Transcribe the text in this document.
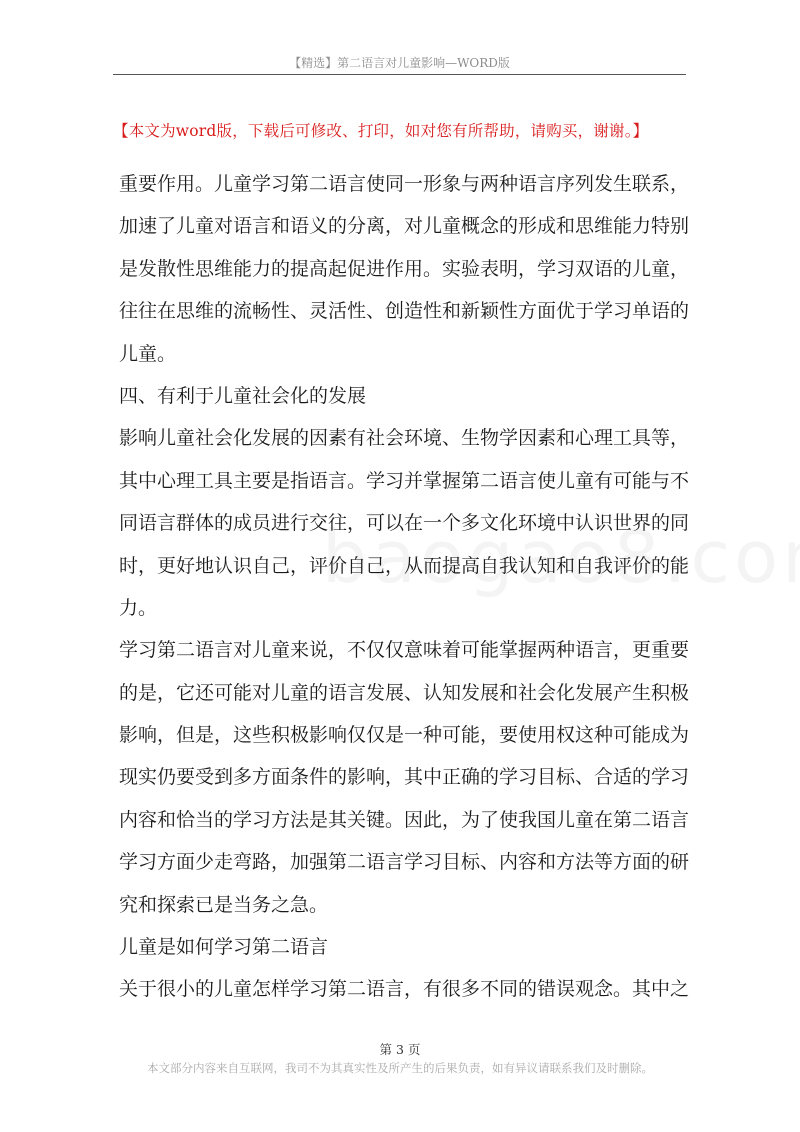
【精选】第二语言对儿童影响—WORD版
【本文为word版，下载后可修改、打印，如对您有所帮助，请购买，谢谢。】
重要作用。儿童学习第二语言使同一形象与两种语言序列发生联系，
加速了儿童对语言和语义的分离，对儿童概念的形成和思维能力特别
是发散性思维能力的提高起促进作用。实验表明，学习双语的儿童，
往往在思维的流畅性、灵活性、创造性和新颖性方面优于学习单语的
儿童。
四、有利于儿童社会化的发展
影响儿童社会化发展的因素有社会环境、生物学因素和心理工具等，
其中心理工具主要是指语言。学习并掌握第二语言使儿童有可能与不
同语言群体的成员进行交往，可以在一个多文化环境中认识世界的同
时，更好地认识自己，评价自己，从而提高自我认知和自我评价的能
力。
学习第二语言对儿童来说，不仅仅意味着可能掌握两种语言，更重要
的是，它还可能对儿童的语言发展、认知发展和社会化发展产生积极
影响，但是，这些积极影响仅仅是一种可能，要使用权这种可能成为
现实仍要受到多方面条件的影响，其中正确的学习目标、合适的学习
内容和恰当的学习方法是其关键。因此，为了使我国儿童在第二语言
学习方面少走弯路，加强第二语言学习目标、内容和方法等方面的研
究和探索已是当务之急。
儿童是如何学习第二语言
关于很小的儿童怎样学习第二语言，有很多不同的错误观念。其中之
第 3 页
本文部分内容来自互联网，我司不为其真实性及所产生的后果负责，如有异议请联系我们及时删除。
